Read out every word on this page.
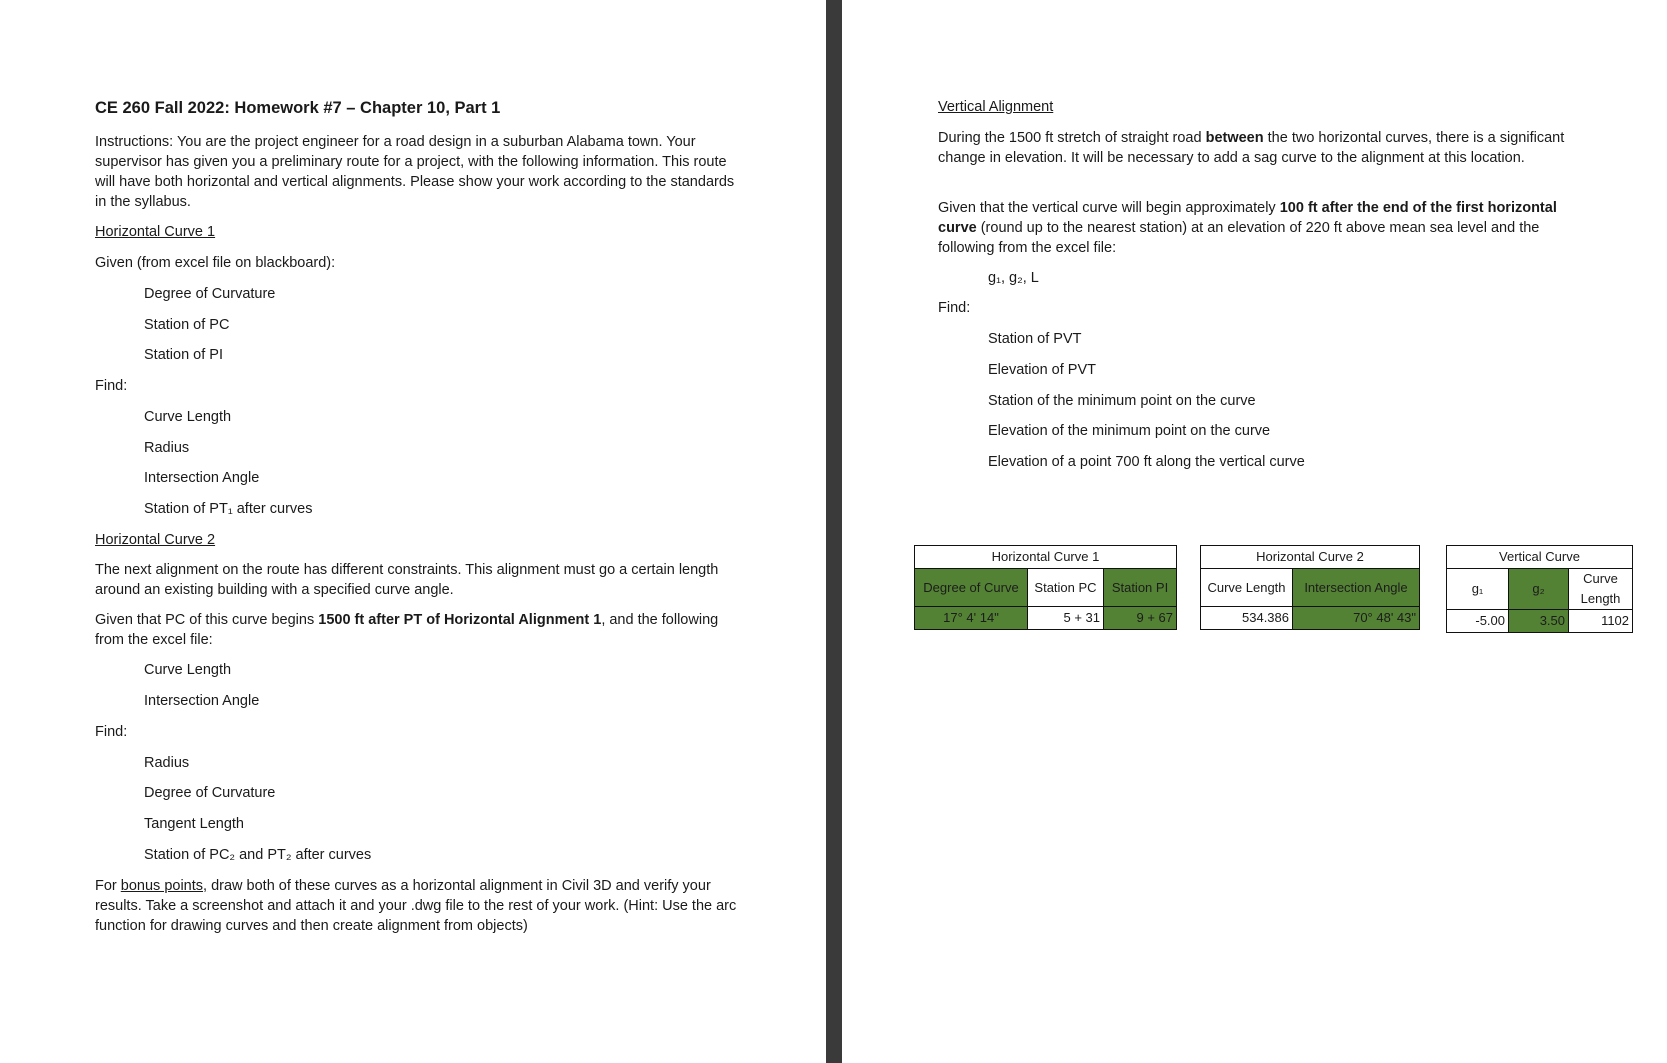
CE 260 Fall 2022: Homework #7 – Chapter 10, Part 1
Instructions: You are the project engineer for a road design in a suburban Alabama town. Your supervisor has given you a preliminary route for a project, with the following information. This route will have both horizontal and vertical alignments. Please show your work according to the standards in the syllabus.
Horizontal Curve 1
Given (from excel file on blackboard):
Degree of Curvature
Station of PC
Station of PI
Find:
Curve Length
Radius
Intersection Angle
Station of PT₁ after curves
Horizontal Curve 2
The next alignment on the route has different constraints. This alignment must go a certain length around an existing building with a specified curve angle.
Given that PC of this curve begins 1500 ft after PT of Horizontal Alignment 1, and the following from the excel file:
Curve Length
Intersection Angle
Find:
Radius
Degree of Curvature
Tangent Length
Station of PC₂ and PT₂ after curves
For bonus points, draw both of these curves as a horizontal alignment in Civil 3D and verify your results. Take a screenshot and attach it and your .dwg file to the rest of your work. (Hint: Use the arc function for drawing curves and then create alignment from objects)
Vertical Alignment
During the 1500 ft stretch of straight road between the two horizontal curves, there is a significant change in elevation. It will be necessary to add a sag curve to the alignment at this location.
Given that the vertical curve will begin approximately 100 ft after the end of the first horizontal curve (round up to the nearest station) at an elevation of 220 ft above mean sea level and the following from the excel file:
g₁, g₂, L
Find:
Station of PVT
Elevation of PVT
Station of the minimum point on the curve
Elevation of the minimum point on the curve
Elevation of a point 700 ft along the vertical curve
Horizontal Curve 1		
Degree of Curve	Station PC	Station PI
17° 4' 14"	5 + 31	9 + 67
Horizontal Curve 2	
Curve Length	Intersection Angle
534.386	70° 48' 43"
Vertical Curve		
g₁	g₂	Curve Length
-5.00	3.50	1102
